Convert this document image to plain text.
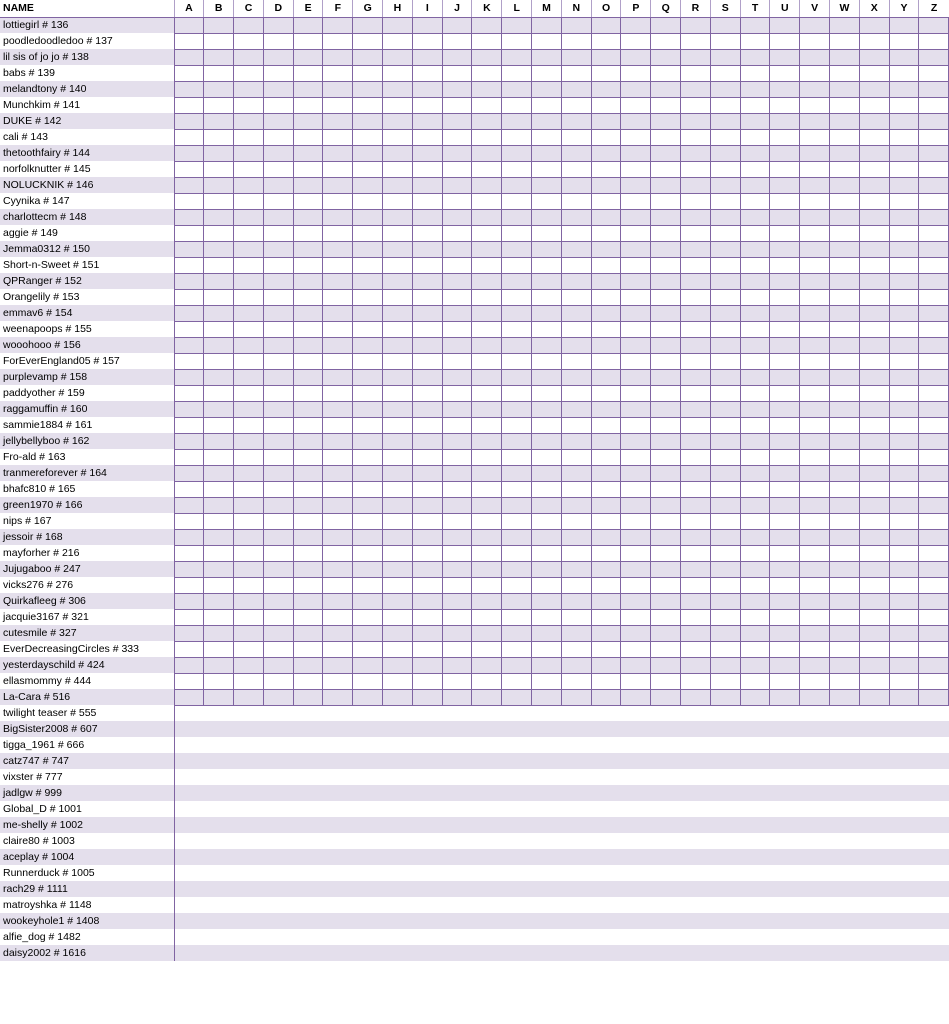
NAME	A	B	C	D	E	F	G	H	I	J	K	L	M	N	O	P	Q	R	S	T	U	V	W	X	Y	Z
lottiegirl # 136																										
poodledoodledoo # 137																										
lil sis of jo jo # 138																										
babs # 139																										
melandtony # 140																										
Munchkim # 141																										
DUKE # 142																										
cali # 143																										
thetoothfairy # 144																										
norfolknutter # 145																										
NOLUCKNIK # 146																										
Cyynika # 147																										
charlottecm # 148																										
aggie # 149																										
Jemma0312 # 150																										
Short-n-Sweet # 151																										
QPRanger # 152																										
Orangelily # 153																										
emmav6 # 154																										
weenapoops # 155																										
wooohooo # 156																										
ForEverEngland05 # 157																										
purplevamp # 158																										
paddyother # 159																										
raggamuffin # 160																										
sammie1884 # 161																										
jellybellyboo # 162																										
Fro-ald # 163																										
tranmereforever # 164																										
bhafc810 # 165																										
green1970 # 166																										
nips # 167																										
jessoir # 168																										
mayforher # 216																										
Jujugaboo # 247																										
vicks276 # 276																										
Quirkafleeg # 306																										
jacquie3167 # 321																										
cutesmile # 327																										
EverDecreasingCircles # 333																										
yesterdayschild # 424																										
ellasmommy # 444																										
La-Cara # 516																										
twilight teaser # 555																										
BigSister2008 # 607																										
tigga_1961 # 666																										
catz747 # 747																										
vixster # 777																										
jadlgw # 999																										
Global_D # 1001																										
me-shelly # 1002																										
claire80 # 1003																										
aceplay # 1004																										
Runnerduck # 1005																										
rach29 # 1111																										
matroyshka # 1148																										
wookeyhole1 # 1408																										
alfie_dog # 1482																										
daisy2002 # 1616																										
